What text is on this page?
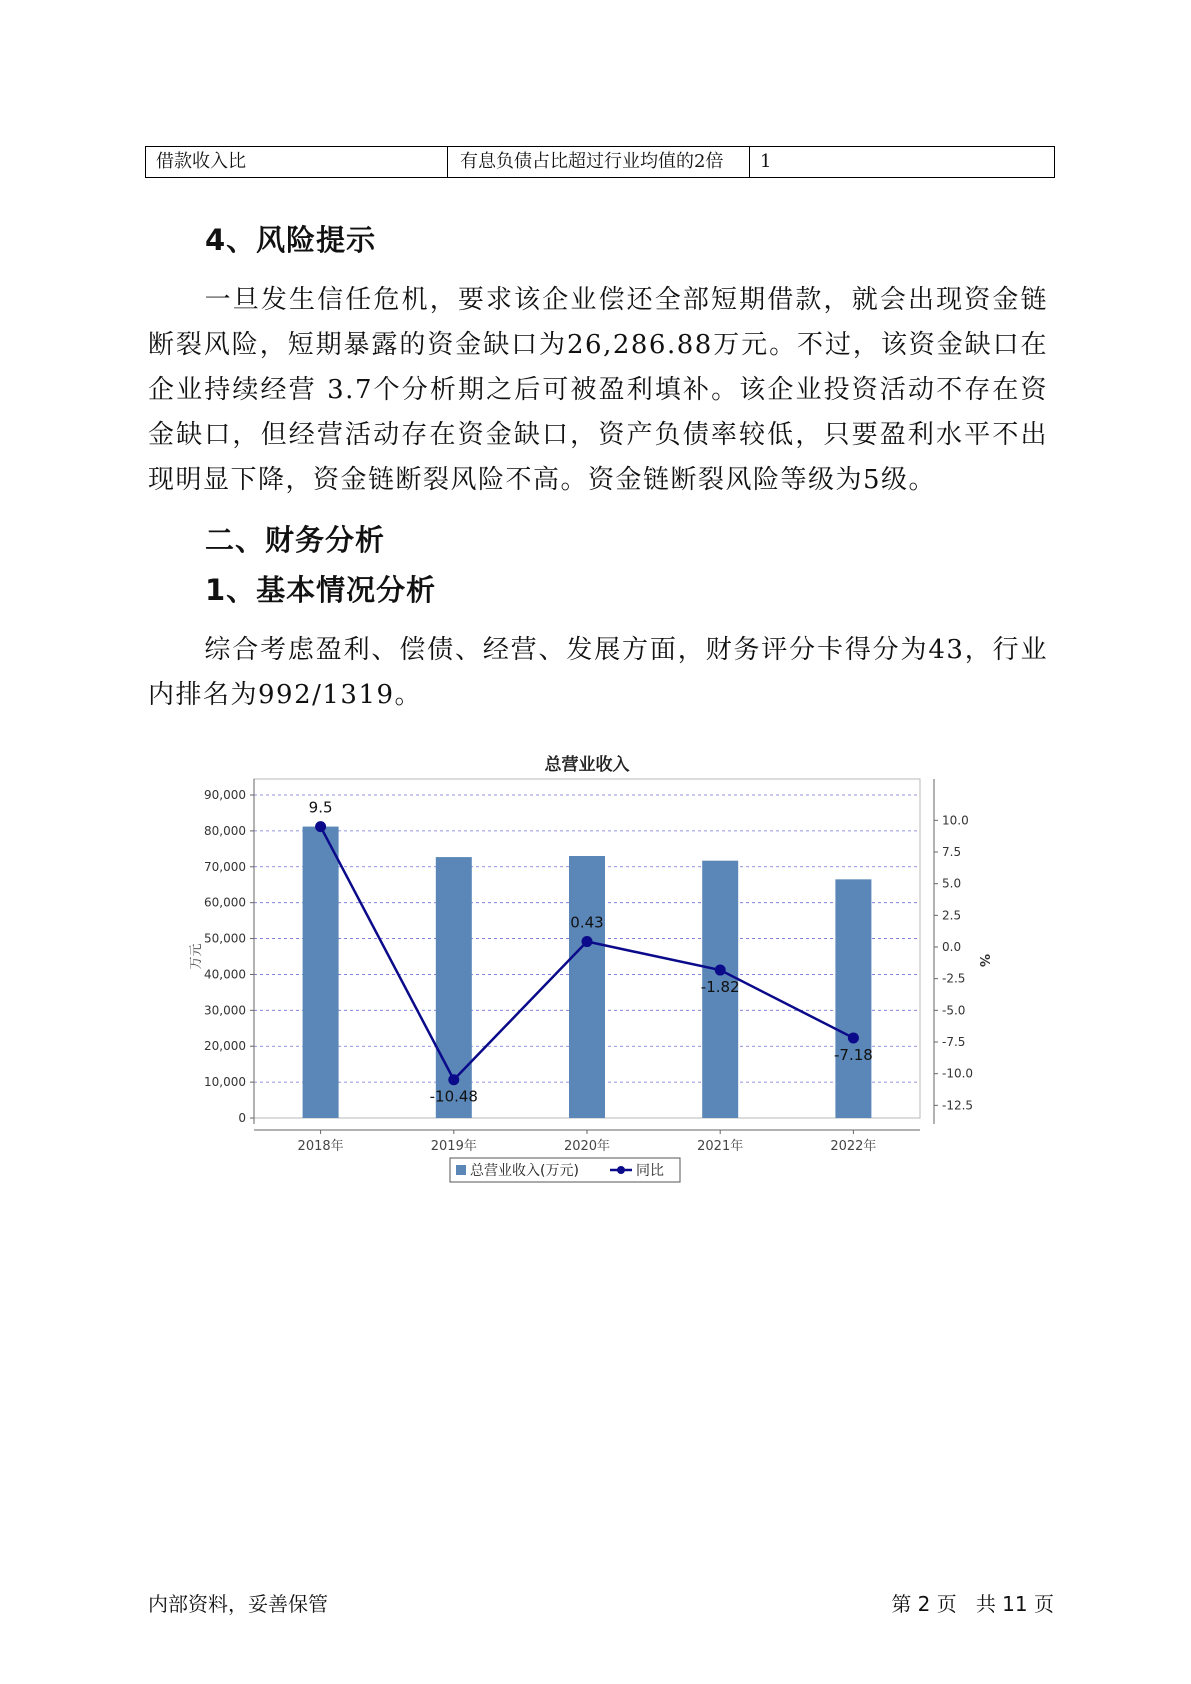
借款收入比	有息负债占比超过行业均值的2倍	1
4、风险提示
一旦发生信任危机，要求该企业偿还全部短期借款，就会出现资金链断裂风险，短期暴露的资金缺口为26,286.88万元。不过，该资金缺口在企业持续经营 3.7个分析期之后可被盈利填补。该企业投资活动不存在资金缺口，但经营活动存在资金缺口，资产负债率较低，只要盈利水平不出现明显下降，资金链断裂风险不高。资金链断裂风险等级为5级。
二、财务分析
1、基本情况分析
综合考虑盈利、偿债、经营、发展方面，财务评分卡得分为43，行业内排名为992/1319。
总营业收入
0
10,000
20,000
30,000
40,000
50,000
60,000
70,000
80,000
90,000
万元
10.0
7.5
5.0
2.5
0.0
-2.5
-5.0
-7.5
-10.0
-12.5
%
2018年	2019年	2020年	2021年	2022年
9.5
-10.48
0.43
-1.82
-7.18
总营业收入(万元)	同比
内部资料，妥善保管	第 2 页   共 11 页
